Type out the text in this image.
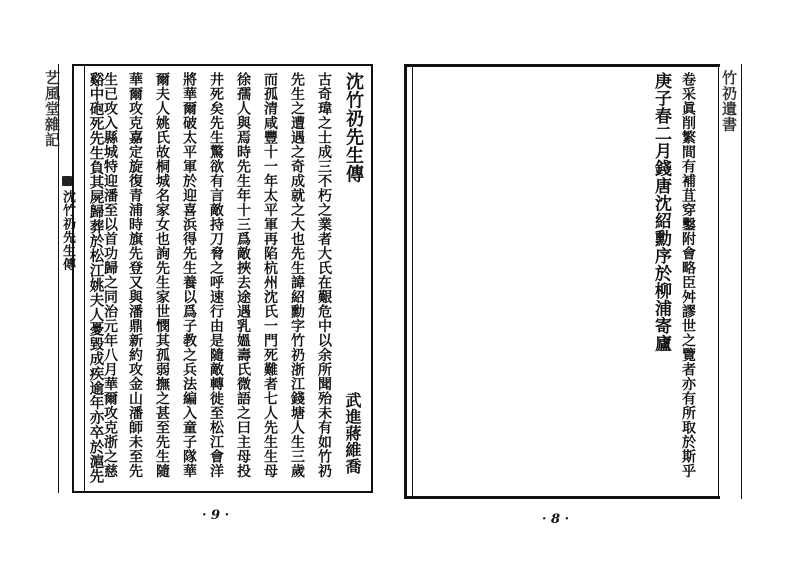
艺風堂雜記
沈竹礽先生傳
沈竹礽先生傳
武進蔣維喬
古奇瑋之士成三不朽之業者大氏在艱危中以余所聞殆未有如竹礽
先生之遭遇之奇成就之大也先生諱紹勳字竹礽浙江錢塘人生三歲
而孤清咸豐十一年太平軍再陷杭州沈氏一門死難者七人先生生母
徐孺人與焉時先生年十三爲敵挾去途遇乳媼壽氏微語之曰主母投
井死矣先生驚欲有言敵持刀脅之呼速行由是隨敵轉徙至松江會洋
將華爾破太平軍於迎喜浜得先生養以爲子教之兵法編入童子隊華
爾夫人姚氏故桐城名家女也詢先生家世憫其孤弱撫之甚至先生隨
華爾攻克嘉定旋復青浦時旗先登又與潘鼎新約攻金山潘師未至先
生已攻入縣城特迎潘至以首功歸之同治元年八月華爾攻克浙之慈
谿中砲死先生負其屍歸葬於松江姚夫人憂毀成疾逾年亦卒於滬先
· 9 ·
竹礽遺書
卷采眞削繁間有補苴穿鑿附會略臣舛謬世之覽者亦有所取於斯乎
庚子春二月錢唐沈紹勳序於柳浦寄廬
· 8 ·
